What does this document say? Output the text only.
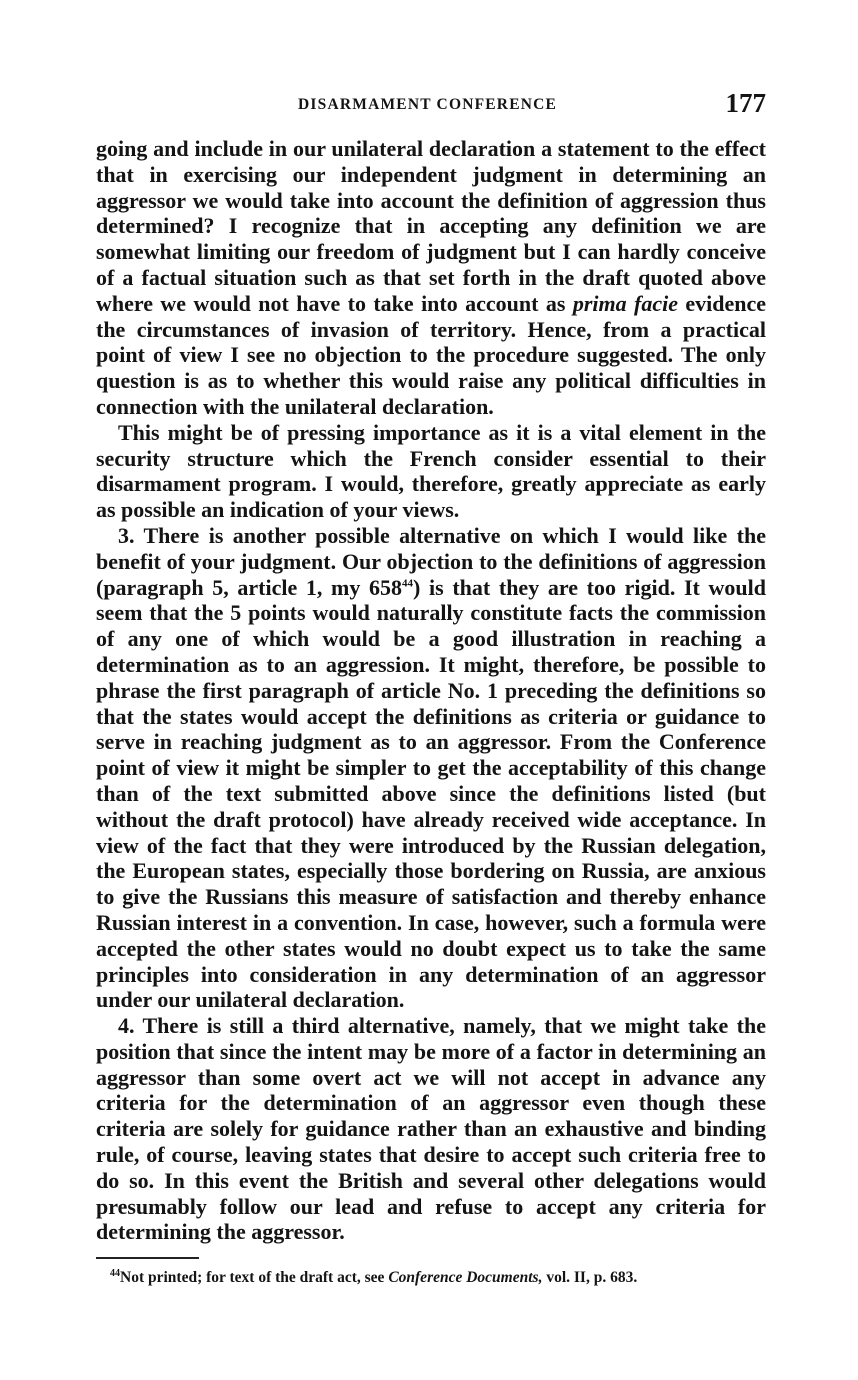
DISARMAMENT CONFERENCE	177

going and include in our unilateral declaration a statement to the effect that in exercising our independent judgment in determining an aggressor we would take into account the definition of aggression thus determined? I recognize that in accepting any definition we are somewhat limiting our freedom of judgment but I can hardly conceive of a factual situation such as that set forth in the draft quoted above where we would not have to take into account as prima facie evidence the circumstances of invasion of territory. Hence, from a practical point of view I see no objection to the procedure suggested. The only question is as to whether this would raise any political difficulties in connection with the unilateral declaration.

This might be of pressing importance as it is a vital element in the security structure which the French consider essential to their disarmament program. I would, therefore, greatly appreciate as early as possible an indication of your views.

3. There is another possible alternative on which I would like the benefit of your judgment. Our objection to the definitions of aggression (paragraph 5, article 1, my 658$^{44}$) is that they are too rigid. It would seem that the 5 points would naturally constitute facts the commission of any one of which would be a good illustration in reaching a determination as to an aggression. It might, therefore, be possible to phrase the first paragraph of article No. 1 preceding the definitions so that the states would accept the definitions as criteria or guidance to serve in reaching judgment as to an aggressor. From the Conference point of view it might be simpler to get the acceptability of this change than of the text submitted above since the definitions listed (but without the draft protocol) have already received wide acceptance. In view of the fact that they were introduced by the Russian delegation, the European states, especially those bordering on Russia, are anxious to give the Russians this measure of satisfaction and thereby enhance Russian interest in a convention. In case, however, such a formula were accepted the other states would no doubt expect us to take the same principles into consideration in any determination of an aggressor under our unilateral declaration.

4. There is still a third alternative, namely, that we might take the position that since the intent may be more of a factor in determining an aggressor than some overt act we will not accept in advance any criteria for the determination of an aggressor even though these criteria are solely for guidance rather than an exhaustive and binding rule, of course, leaving states that desire to accept such criteria free to do so. In this event the British and several other delegations would presumably follow our lead and refuse to accept any criteria for determining the aggressor.

$^{44}$Not printed; for text of the draft act, see Conference Documents, vol. II, p. 683.
